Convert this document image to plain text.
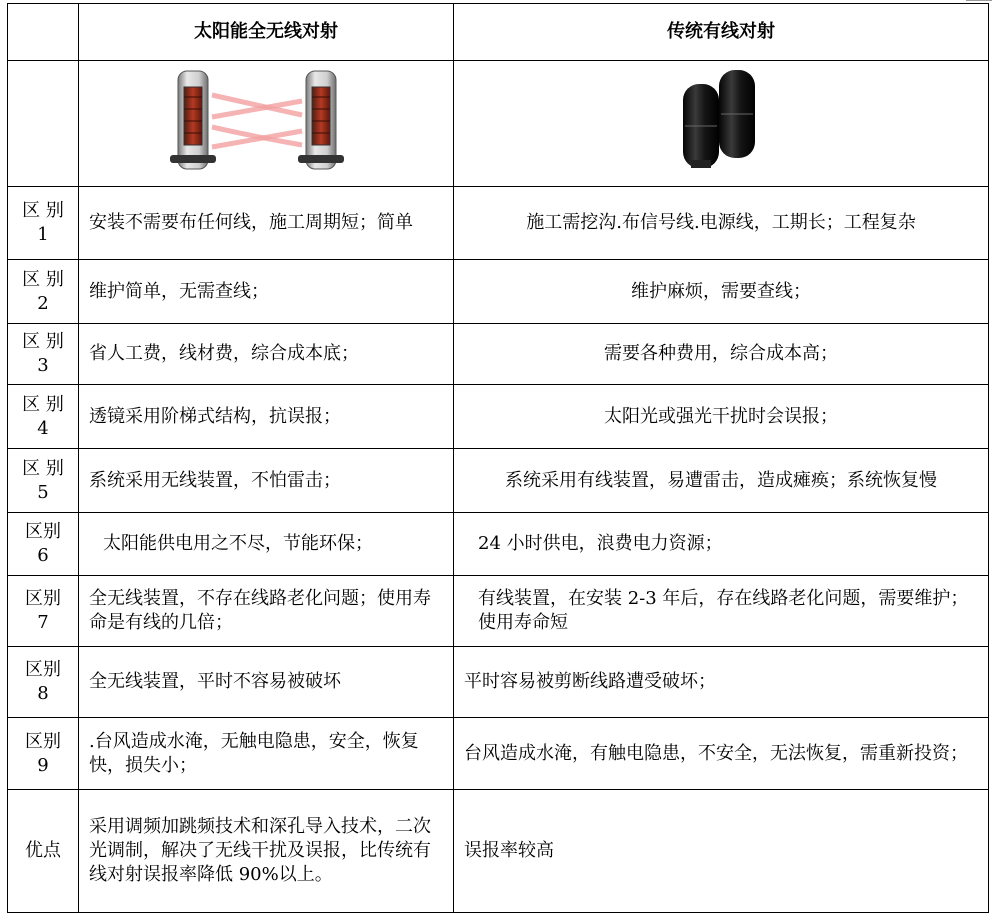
	太阳能全无线对射	传统有线对射

区 别
1	安装不需要布任何线，施工周期短；简单	施工需挖沟.布信号线.电源线，工期长；工程复杂

区 别
2	维护简单，无需查线；	维护麻烦，需要查线；

区 别
3	省人工费，线材费，综合成本底；	需要各种费用，综合成本高；

区 别
4	透镜采用阶梯式结构，抗误报；	太阳光或强光干扰时会误报；

区 别
5	系统采用无线装置，不怕雷击；	系统采用有线装置，易遭雷击，造成瘫痪；系统恢复慢

区别
6	太阳能供电用之不尽，节能环保；	24 小时供电，浪费电力资源；

区别
7	全无线装置，不存在线路老化问题；使用寿命是有线的几倍；	有线装置，在安装 2-3 年后，存在线路老化问题，需要维护；使用寿命短

区别
8	全无线装置，平时不容易被破坏	平时容易被剪断线路遭受破坏；

区别
9	.台风造成水淹，无触电隐患，安全，恢复快，损失小；	台风造成水淹，有触电隐患，不安全，无法恢复，需重新投资；

优点	采用调频加跳频技术和深孔导入技术，二次光调制，解决了无线干扰及误报，比传统有线对射误报率降低 90%以上。	误报率较高
